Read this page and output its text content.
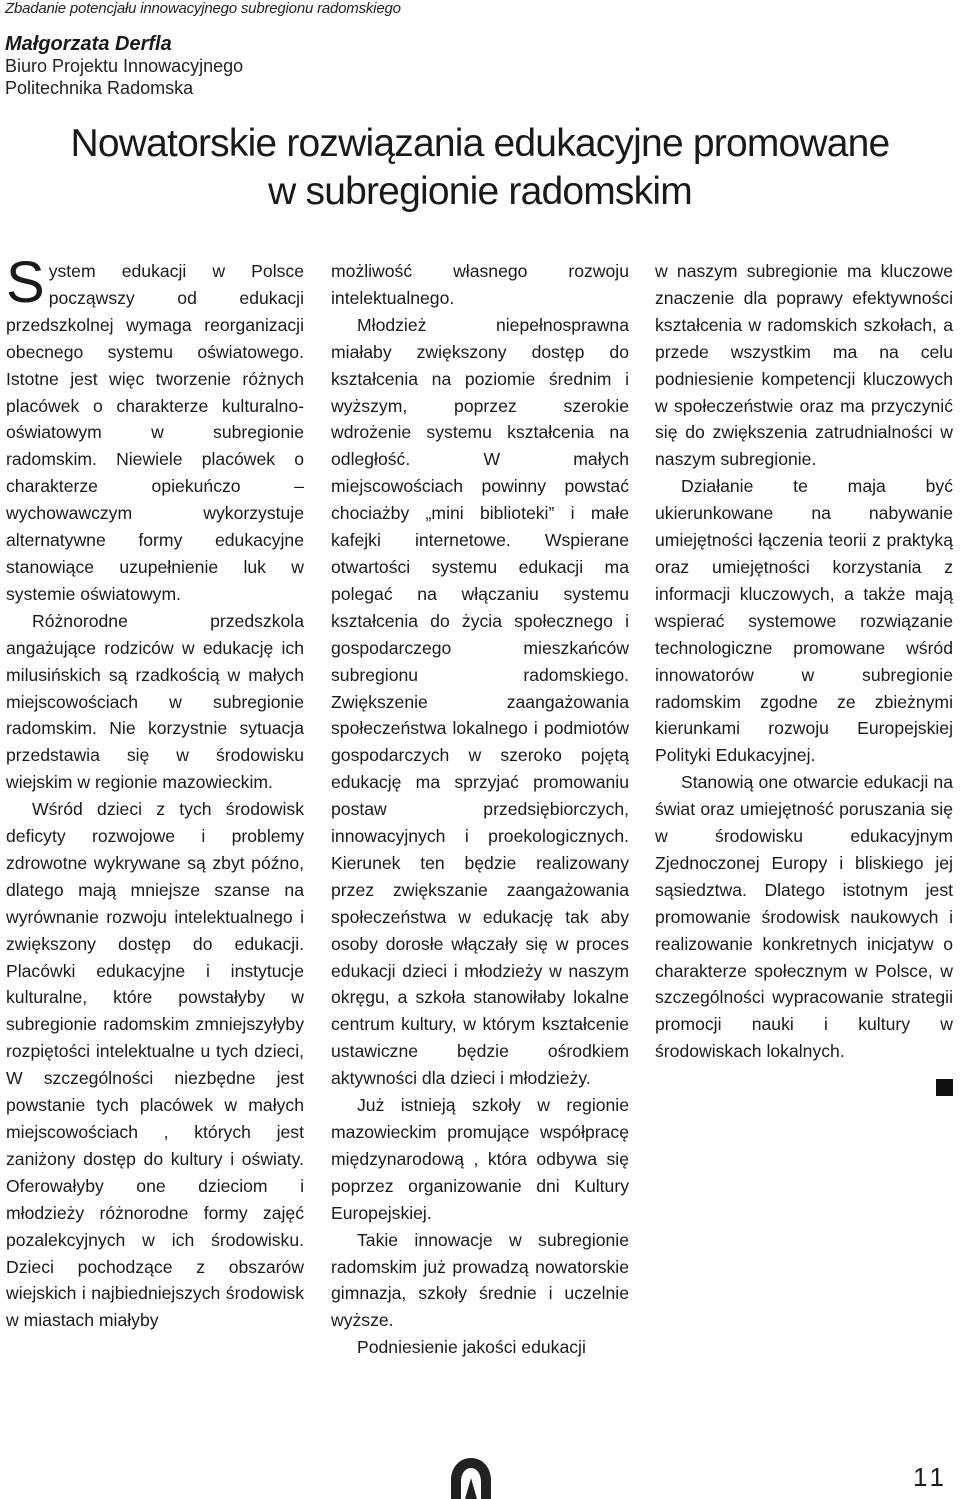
Zbadanie potencjału innowacyjnego subregionu radomskiego
Małgorzata Derfla
Biuro Projektu Innowacyjnego
Politechnika Radomska
Nowatorskie rozwiązania edukacyjne promowane
w subregionie radomskim

System edukacji w Polsce począwszy od edukacji przedszkolnej wymaga reorganizacji obecnego systemu oświatowego. Istotne jest więc tworzenie różnych placówek o charakterze kulturalno- oświatowym w subregionie radomskim. Niewiele placówek o charakterze opiekuńczo – wychowawczym wykorzystuje alternatywne formy edukacyjne stanowiące uzupełnienie luk w systemie oświatowym.

Różnorodne przedszkola angażujące rodziców w edukację ich milusińskich są rzadkością w małych miejscowościach w subregionie radomskim. Nie korzystnie sytuacja przedstawia się w środowisku wiejskim w regionie mazowieckim.

Wśród dzieci z tych środowisk deficyty rozwojowe i problemy zdrowotne wykrywane są zbyt późno, dlatego mają mniejsze szanse na wyrównanie rozwoju intelektualnego i zwiększony dostęp do edukacji. Placówki edukacyjne i instytucje kulturalne, które powstałyby w subregionie radomskim zmniejszyłyby rozpiętości intelektualne u tych dzieci, W szczególności niezbędne jest powstanie tych placówek w małych miejscowościach , których jest zaniżony dostęp do kultury i oświaty. Oferowałyby one dzieciom i młodzieży różnorodne formy zajęć pozalekcyjnych w ich środowisku. Dzieci pochodzące z obszarów wiejskich i najbiedniejszych środowisk w miastach miałyby

możliwość własnego rozwoju intelektualnego.

Młodzież niepełnosprawna miałaby zwiększony dostęp do kształcenia na poziomie średnim i wyższym, poprzez szerokie wdrożenie systemu kształcenia na odległość. W małych miejscowościach powinny powstać chociażby „mini biblioteki” i małe kafejki internetowe. Wspierane otwartości systemu edukacji ma polegać na włączaniu systemu kształcenia do życia społecznego i gospodarczego mieszkańców subregionu radomskiego. Zwiększenie zaangażowania społeczeństwa lokalnego i podmiotów gospodarczych w szeroko pojętą edukację ma sprzyjać promowaniu postaw przedsiębiorczych, innowacyjnych i proekologicznych. Kierunek ten będzie realizowany przez zwiększanie zaangażowania społeczeństwa w edukację tak aby osoby dorosłe włączały się w proces edukacji dzieci i młodzieży w naszym okręgu, a szkoła stanowiłaby lokalne centrum kultury, w którym kształcenie ustawiczne będzie ośrodkiem aktywności dla dzieci i młodzieży.

Już istnieją szkoły w regionie mazowieckim promujące współpracę międzynarodową , która odbywa się poprzez organizowanie dni Kultury Europejskiej.

Takie innowacje w subregionie radomskim już prowadzą nowatorskie gimnazja, szkoły średnie i uczelnie wyższe.

Podniesienie jakości edukacji

w naszym subregionie ma kluczowe znaczenie dla poprawy efektywności kształcenia w radomskich szkołach, a przede wszystkim ma na celu podniesienie kompetencji kluczowych w społeczeństwie oraz ma przyczynić się do zwiększenia zatrudnialności w naszym subregionie.

Działanie te maja być ukierunkowane na nabywanie umiejętności łączenia teorii z praktyką oraz umiejętności korzystania z informacji kluczowych, a także mają wspierać systemowe rozwiązanie technologiczne promowane wśród innowatorów w subregionie radomskim zgodne ze zbieżnymi kierunkami rozwoju Europejskiej Polityki Edukacyjnej.

Stanowią one otwarcie edukacji na świat oraz umiejętność poruszania się w środowisku edukacyjnym Zjednoczonej Europy i bliskiego jej sąsiedztwa. Dlatego istotnym jest promowanie środowisk naukowych i realizowanie konkretnych inicjatyw o charakterze społecznym w Polsce, w szczególności wypracowanie strategii promocji nauki i kultury w środowiskach lokalnych.

11
